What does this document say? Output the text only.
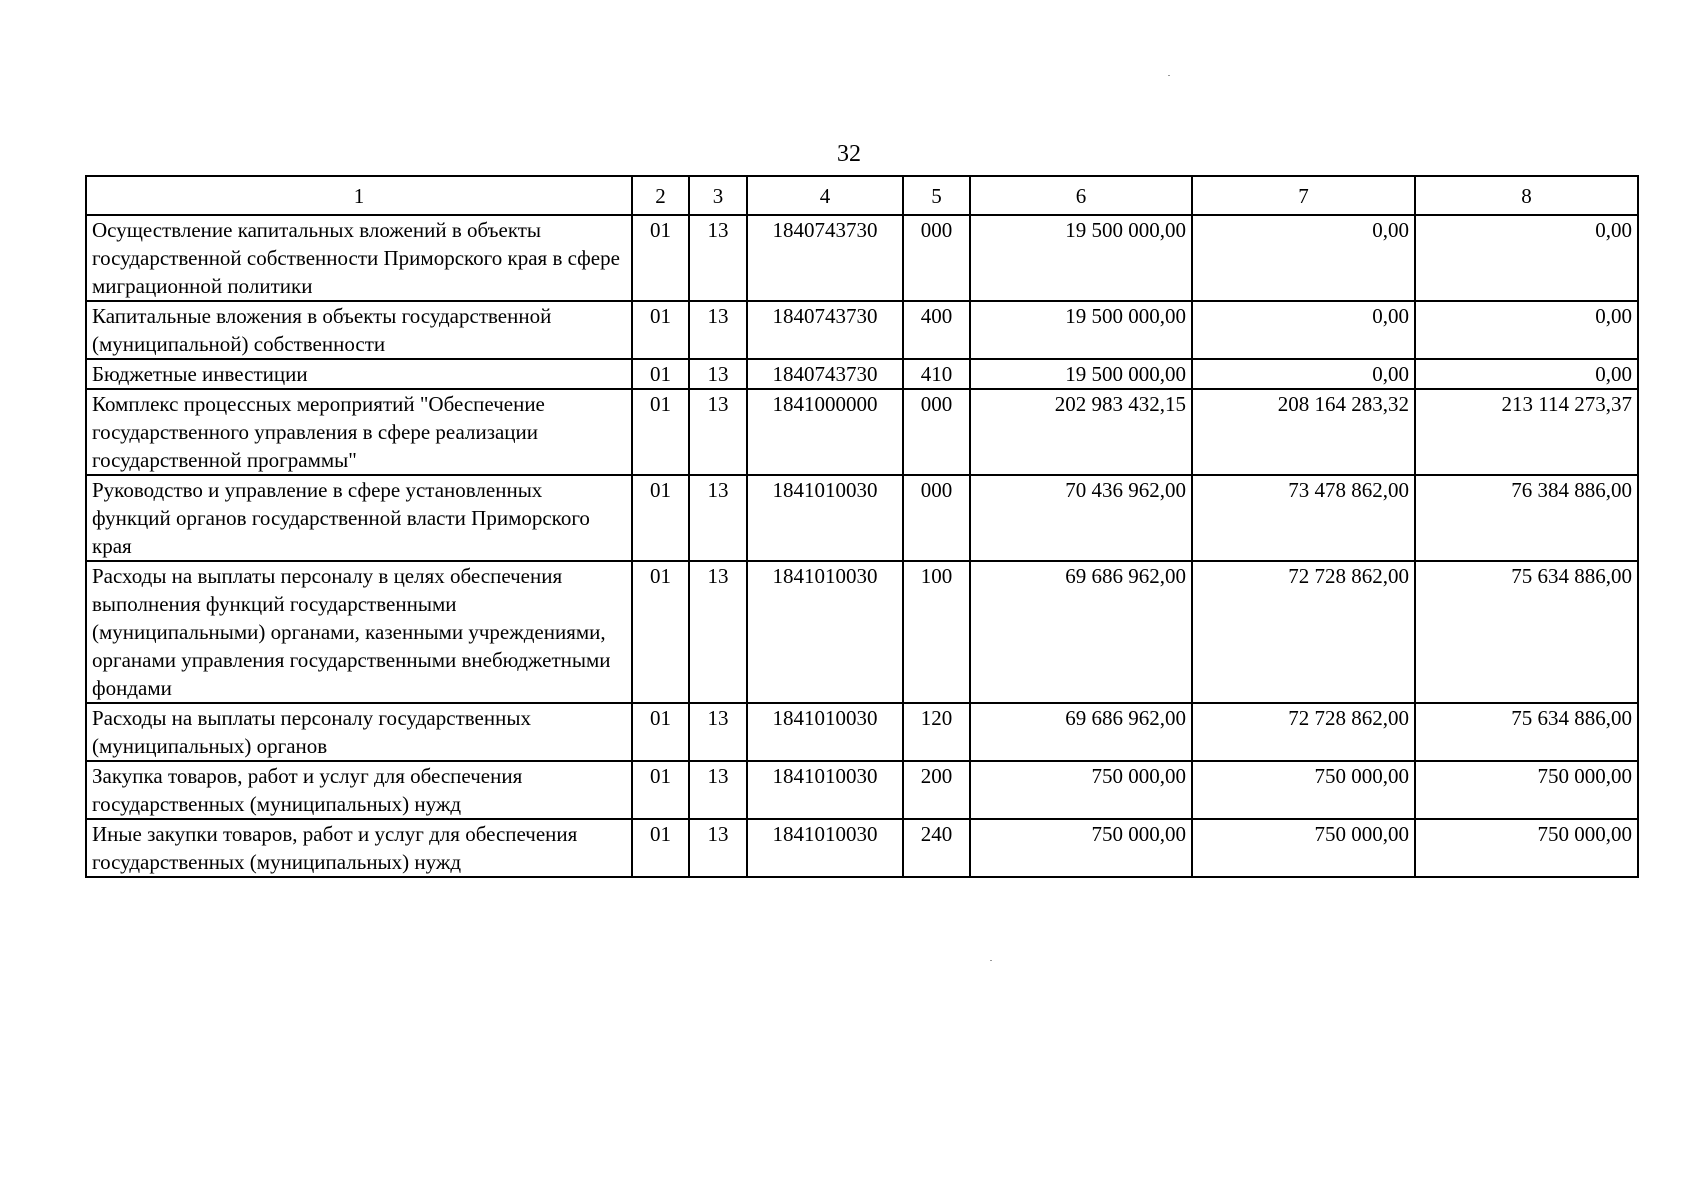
32
1	2	3	4	5	6	7	8
Осуществление капитальных вложений в объекты государственной собственности Приморского края в сфере миграционной политики	01	13	1840743730	000	19 500 000,00	0,00	0,00
Капитальные вложения в объекты государственной (муниципальной) собственности	01	13	1840743730	400	19 500 000,00	0,00	0,00
Бюджетные инвестиции	01	13	1840743730	410	19 500 000,00	0,00	0,00
Комплекс процессных мероприятий "Обеспечение государственного управления в сфере реализации государственной программы"	01	13	1841000000	000	202 983 432,15	208 164 283,32	213 114 273,37
Руководство и управление в сфере установленных функций органов государственной власти Приморского края	01	13	1841010030	000	70 436 962,00	73 478 862,00	76 384 886,00
Расходы на выплаты персоналу в целях обеспечения выполнения функций государственными (муниципальными) органами, казенными учреждениями, органами управления государственными внебюджетными фондами	01	13	1841010030	100	69 686 962,00	72 728 862,00	75 634 886,00
Расходы на выплаты персоналу государственных (муниципальных) органов	01	13	1841010030	120	69 686 962,00	72 728 862,00	75 634 886,00
Закупка товаров, работ и услуг для обеспечения государственных (муниципальных) нужд	01	13	1841010030	200	750 000,00	750 000,00	750 000,00
Иные закупки товаров, работ и услуг для обеспечения государственных (муниципальных) нужд	01	13	1841010030	240	750 000,00	750 000,00	750 000,00
